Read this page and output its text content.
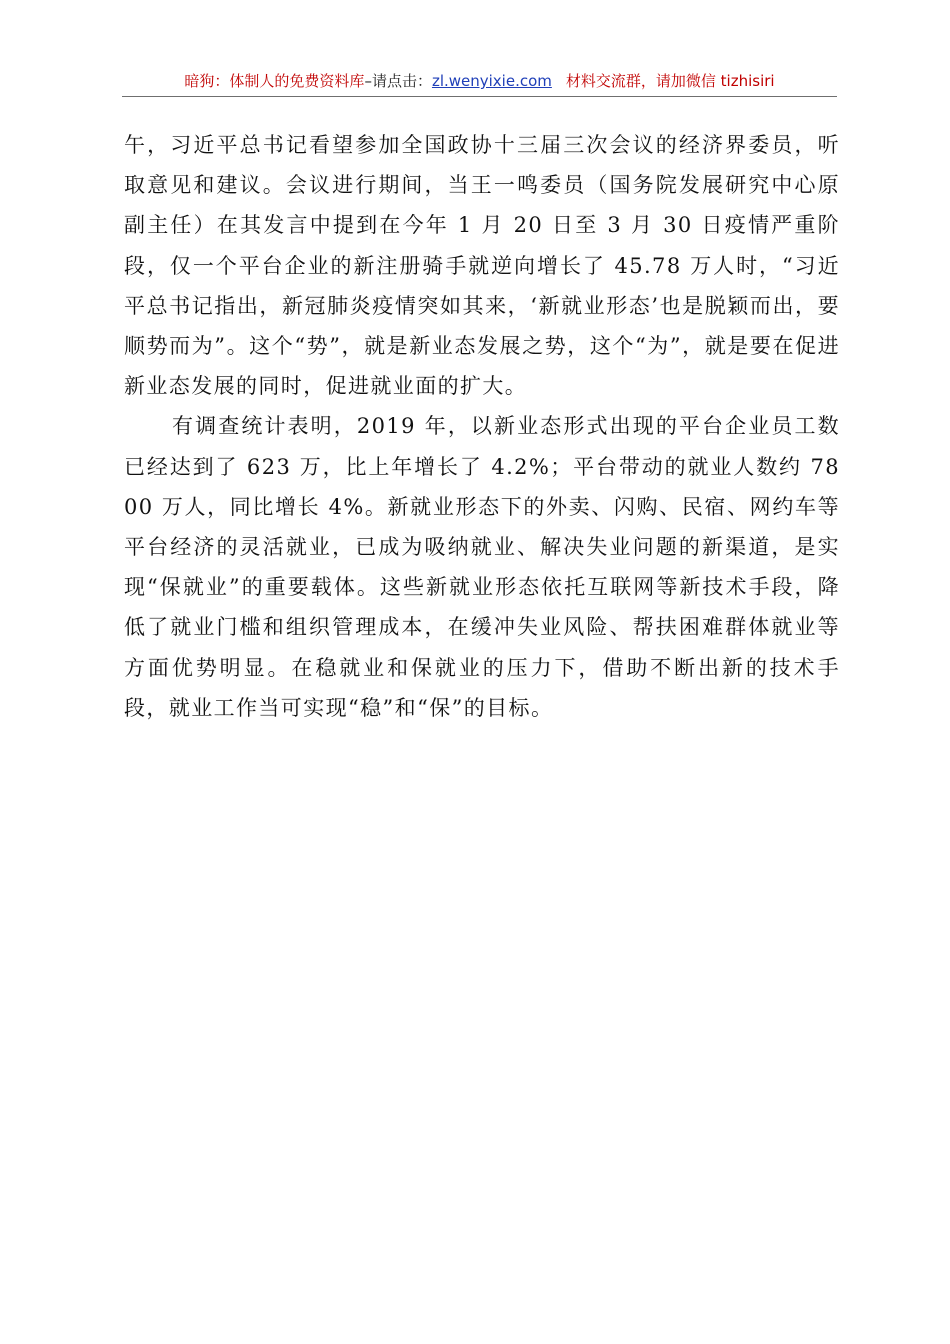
暗狗：体制人的免费资料库–请点击：zl.wenyixie.com 材料交流群，请加微信 tizhisiri

午，习近平总书记看望参加全国政协十三届三次会议的经济界委员，听取意见和建议。会议进行期间，当王一鸣委员（国务院发展研究中心原副主任）在其发言中提到在今年 1 月 20 日至 3 月 30 日疫情严重阶段，仅一个平台企业的新注册骑手就逆向增长了 45.78 万人时，“习近平总书记指出，新冠肺炎疫情突如其来，‘新就业形态’也是脱颖而出，要顺势而为”。这个“势”，就是新业态发展之势，这个“为”，就是要在促进新业态发展的同时，促进就业面的扩大。

有调查统计表明，2019 年，以新业态形式出现的平台企业员工数已经达到了 623 万，比上年增长了 4.2%；平台带动的就业人数约 7800 万人，同比增长 4%。新就业形态下的外卖、闪购、民宿、网约车等平台经济的灵活就业，已成为吸纳就业、解决失业问题的新渠道，是实现“保就业”的重要载体。这些新就业形态依托互联网等新技术手段，降低了就业门槛和组织管理成本，在缓冲失业风险、帮扶困难群体就业等方面优势明显。在稳就业和保就业的压力下，借助不断出新的技术手段，就业工作当可实现“稳”和“保”的目标。
